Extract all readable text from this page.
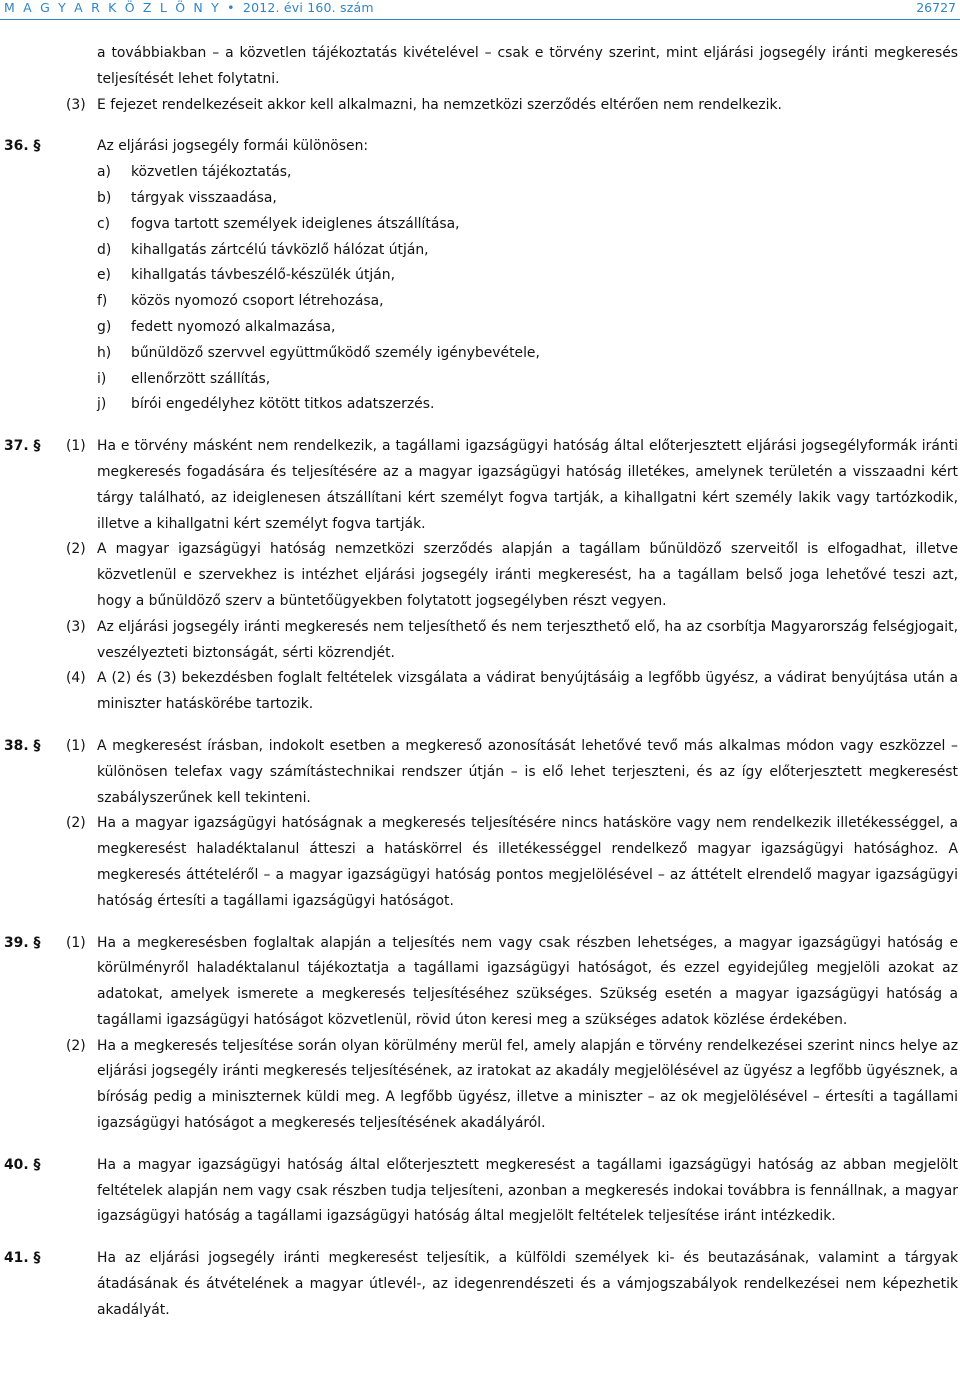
M A G Y A R K Ö Z L Ö N Y • 2012. évi 160. szám	26727
a továbbiakban – a közvetlen tájékoztatás kivételével – csak e törvény szerint, mint eljárási jogsegély iránti megkeresés teljesítését lehet folytatni.
(3) E fejezet rendelkezéseit akkor kell alkalmazni, ha nemzetközi szerződés eltérően nem rendelkezik.
36. §	Az eljárási jogsegély formái különösen:
a) közvetlen tájékoztatás,
b) tárgyak visszaadása,
c) fogva tartott személyek ideiglenes átszállítása,
d) kihallgatás zártcélú távközlő hálózat útján,
e) kihallgatás távbeszélő-készülék útján,
f) közös nyomozó csoport létrehozása,
g) fedett nyomozó alkalmazása,
h) bűnüldöző szervvel együttműködő személy igénybevétele,
i) ellenőrzött szállítás,
j) bírói engedélyhez kötött titkos adatszerzés.
37. §	(1) Ha e törvény másként nem rendelkezik, a tagállami igazságügyi hatóság által előterjesztett eljárási jogsegélyformák iránti megkeresés fogadására és teljesítésére az a magyar igazságügyi hatóság illetékes, amelynek területén a visszaadni kért tárgy található, az ideiglenesen átszállítani kért személyt fogva tartják, a kihallgatni kért személy lakik vagy tartózkodik, illetve a kihallgatni kért személyt fogva tartják.
(2) A magyar igazságügyi hatóság nemzetközi szerződés alapján a tagállam bűnüldöző szerveitől is elfogadhat, illetve közvetlenül e szervekhez is intézhet eljárási jogsegély iránti megkeresést, ha a tagállam belső joga lehetővé teszi azt, hogy a bűnüldöző szerv a büntetőügyekben folytatott jogsegélyben részt vegyen.
(3) Az eljárási jogsegély iránti megkeresés nem teljesíthető és nem terjeszthető elő, ha az csorbítja Magyarország felségjogait, veszélyezteti biztonságát, sérti közrendjét.
(4) A (2) és (3) bekezdésben foglalt feltételek vizsgálata a vádirat benyújtásáig a legfőbb ügyész, a vádirat benyújtása után a miniszter hatáskörébe tartozik.
38. §	(1) A megkeresést írásban, indokolt esetben a megkereső azonosítását lehetővé tevő más alkalmas módon vagy eszközzel – különösen telefax vagy számítástechnikai rendszer útján – is elő lehet terjeszteni, és az így előterjesztett megkeresést szabályszerűnek kell tekinteni.
(2) Ha a magyar igazságügyi hatóságnak a megkeresés teljesítésére nincs hatásköre vagy nem rendelkezik illetékességgel, a megkeresést haladéktalanul átteszi a hatáskörrel és illetékességgel rendelkező magyar igazságügyi hatósághoz. A megkeresés áttételéről – a magyar igazságügyi hatóság pontos megjelölésével – az áttételt elrendelő magyar igazságügyi hatóság értesíti a tagállami igazságügyi hatóságot.
39. §	(1) Ha a megkeresésben foglaltak alapján a teljesítés nem vagy csak részben lehetséges, a magyar igazságügyi hatóság e körülményről haladéktalanul tájékoztatja a tagállami igazságügyi hatóságot, és ezzel egyidejűleg megjelöli azokat az adatokat, amelyek ismerete a megkeresés teljesítéséhez szükséges. Szükség esetén a magyar igazságügyi hatóság a tagállami igazságügyi hatóságot közvetlenül, rövid úton keresi meg a szükséges adatok közlése érdekében.
(2) Ha a megkeresés teljesítése során olyan körülmény merül fel, amely alapján e törvény rendelkezései szerint nincs helye az eljárási jogsegély iránti megkeresés teljesítésének, az iratokat az akadály megjelölésével az ügyész a legfőbb ügyésznek, a bíróság pedig a miniszternek küldi meg. A legfőbb ügyész, illetve a miniszter – az ok megjelölésével – értesíti a tagállami igazságügyi hatóságot a megkeresés teljesítésének akadályáról.
40. §	Ha a magyar igazságügyi hatóság által előterjesztett megkeresést a tagállami igazságügyi hatóság az abban megjelölt feltételek alapján nem vagy csak részben tudja teljesíteni, azonban a megkeresés indokai továbbra is fennállnak, a magyar igazságügyi hatóság a tagállami igazságügyi hatóság által megjelölt feltételek teljesítése iránt intézkedik.
41. §	Ha az eljárási jogsegély iránti megkeresést teljesítik, a külföldi személyek ki- és beutazásának, valamint a tárgyak átadásának és átvételének a magyar útlevél-, az idegenrendészeti és a vámjogszabályok rendelkezései nem képezhetik akadályát.
